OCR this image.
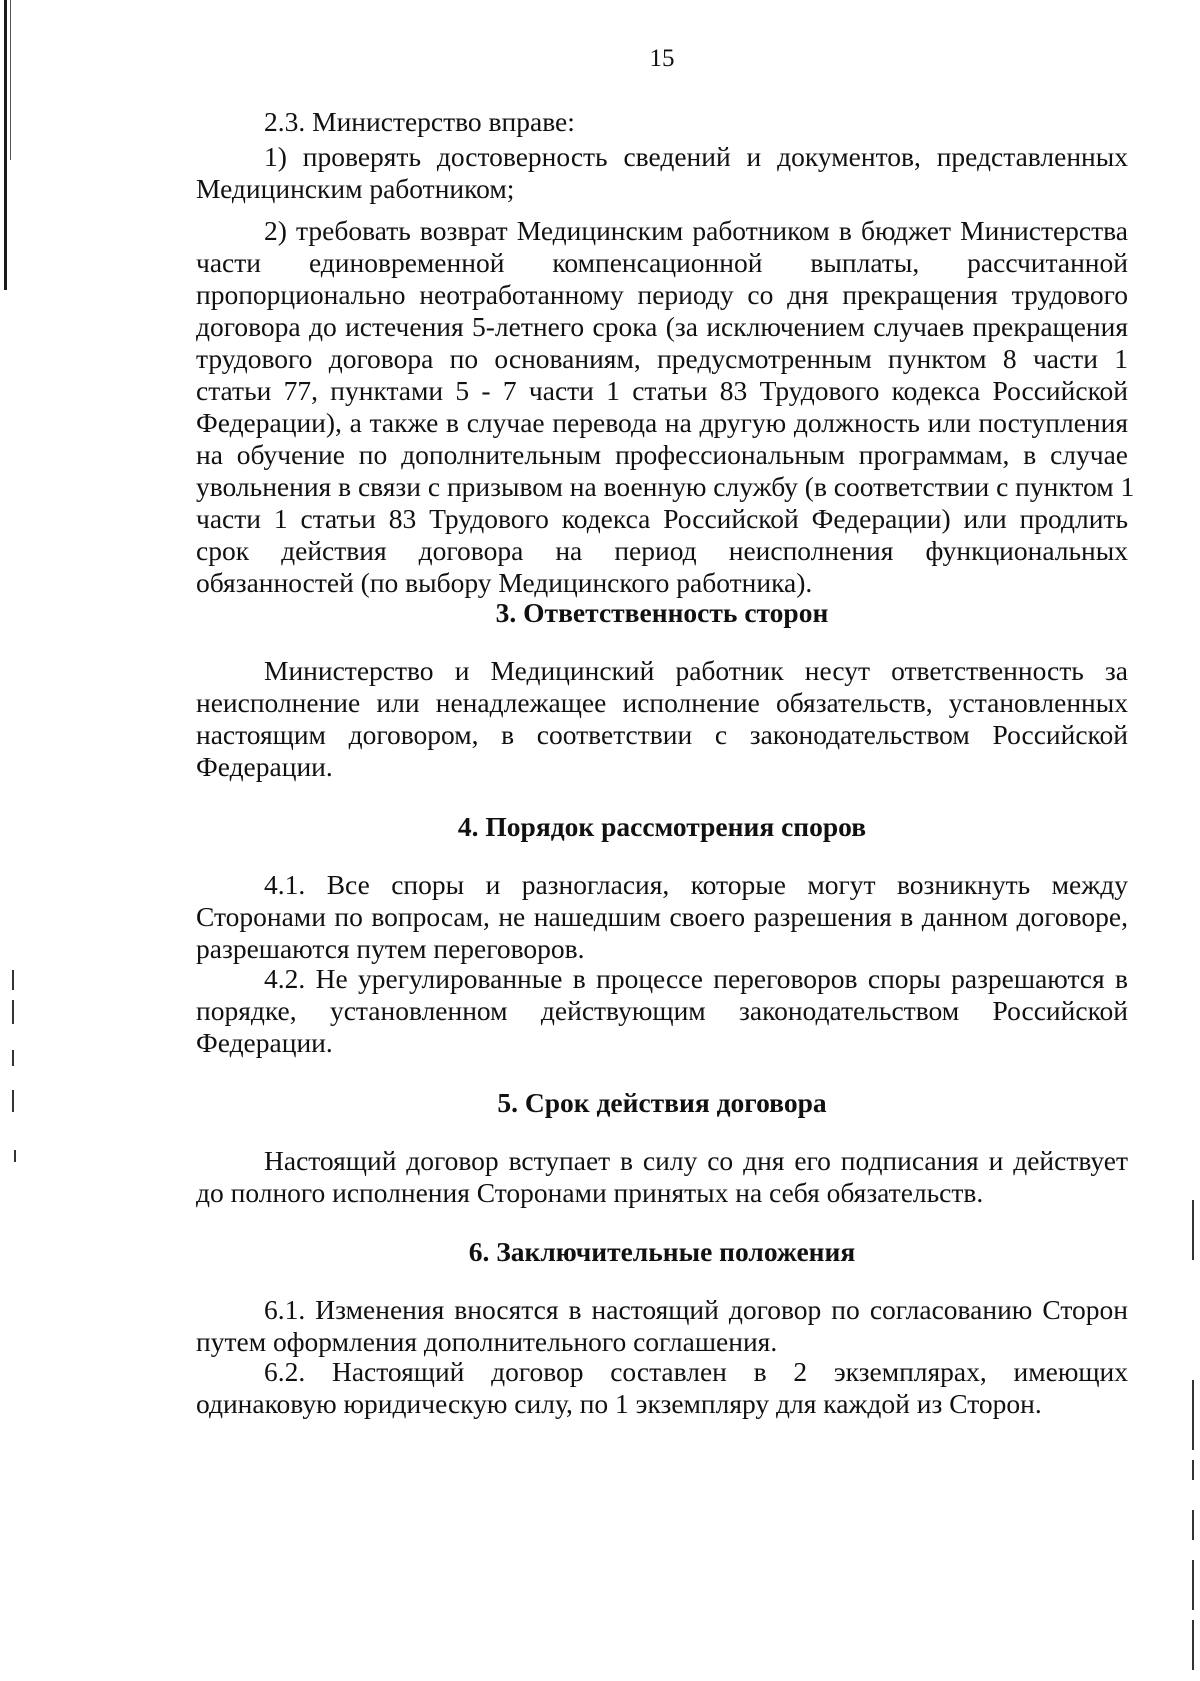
15
2.3. Министерство вправе:
1) проверять достоверность сведений и документов, представленных
Медицинским работником;
2) требовать возврат Медицинским работником в бюджет Министерства
части единовременной компенсационной выплаты, рассчитанной
пропорционально неотработанному периоду со дня прекращения трудового
договора до истечения 5-летнего срока (за исключением случаев прекращения
трудового договора по основаниям, предусмотренным пунктом 8 части 1
статьи 77, пунктами 5 - 7 части 1 статьи 83 Трудового кодекса Российской
Федерации), а также в случае перевода на другую должность или поступления
на обучение по дополнительным профессиональным программам, в случае
увольнения в связи с призывом на военную службу (в соответствии с пунктом 1
части 1 статьи 83 Трудового кодекса Российской Федерации) или продлить
срок действия договора на период неисполнения функциональных
обязанностей (по выбору Медицинского работника).
3. Ответственность сторон
Министерство и Медицинский работник несут ответственность за
неисполнение или ненадлежащее исполнение обязательств, установленных
настоящим договором, в соответствии с законодательством Российской
Федерации.
4. Порядок рассмотрения споров
4.1. Все споры и разногласия, которые могут возникнуть между
Сторонами по вопросам, не нашедшим своего разрешения в данном договоре,
разрешаются путем переговоров.
4.2. Не урегулированные в процессе переговоров споры разрешаются в
порядке, установленном действующим законодательством Российской
Федерации.
5. Срок действия договора
Настоящий договор вступает в силу со дня его подписания и действует
до полного исполнения Сторонами принятых на себя обязательств.
6. Заключительные положения
6.1. Изменения вносятся в настоящий договор по согласованию Сторон
путем оформления дополнительного соглашения.
6.2. Настоящий договор составлен в 2 экземплярах, имеющих
одинаковую юридическую силу, по 1 экземпляру для каждой из Сторон.
